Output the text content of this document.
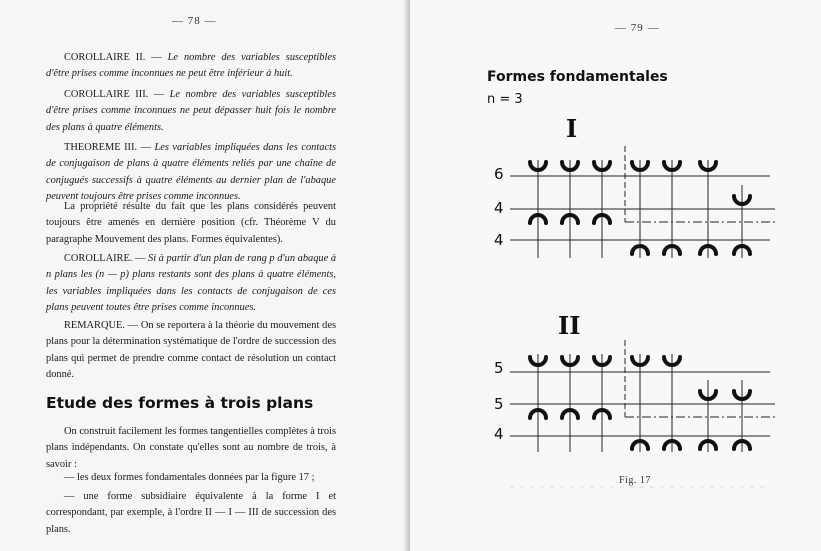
— 78 —

COROLLAIRE II. — Le nombre des variables susceptibles d'être prises comme inconnues ne peut être inférieur à huit.

COROLLAIRE III. — Le nombre des variables susceptibles d'être prises comme inconnues ne peut dépasser huit fois le nombre des plans à quatre éléments.

THEOREME III. — Les variables impliquées dans les contacts de conjugaison de plans à quatre éléments reliés par une chaîne de conjugués successifs à quatre éléments au dernier plan de l'abaque peuvent toujours être prises comme inconnues.

La propriété résulte du fait que les plans considérés peuvent toujours être amenés en dernière position (cfr. Théorème V du paragraphe Mouvement des plans. Formes équivalentes).

COROLLAIRE. — Si à partir d'un plan de rang p d'un abaque à n plans les (n — p) plans restants sont des plans à quatre éléments, les variables impliquées dans les contacts de conjugaison de ces plans peuvent toutes être prises comme inconnues.

REMARQUE. — On se reportera à la théorie du mouvement des plans pour la détermination systématique de l'ordre de succession des plans qui permet de prendre comme contact de résolution un contact donné.

Etude des formes à trois plans

On construit facilement les formes tangentielles complètes à trois plans indépendants. On constate qu'elles sont au nombre de trois, à savoir :

— les deux formes fondamentales données par la figure 17 ;

— une forme subsidiaire équivalente à la forme I et correspondant, par exemple, à l'ordre II — I — III de succession des plans.

— 79 —
Formes fondamentales
n = 3
I
II
6
4
4
5
5
4
Fig. 17
